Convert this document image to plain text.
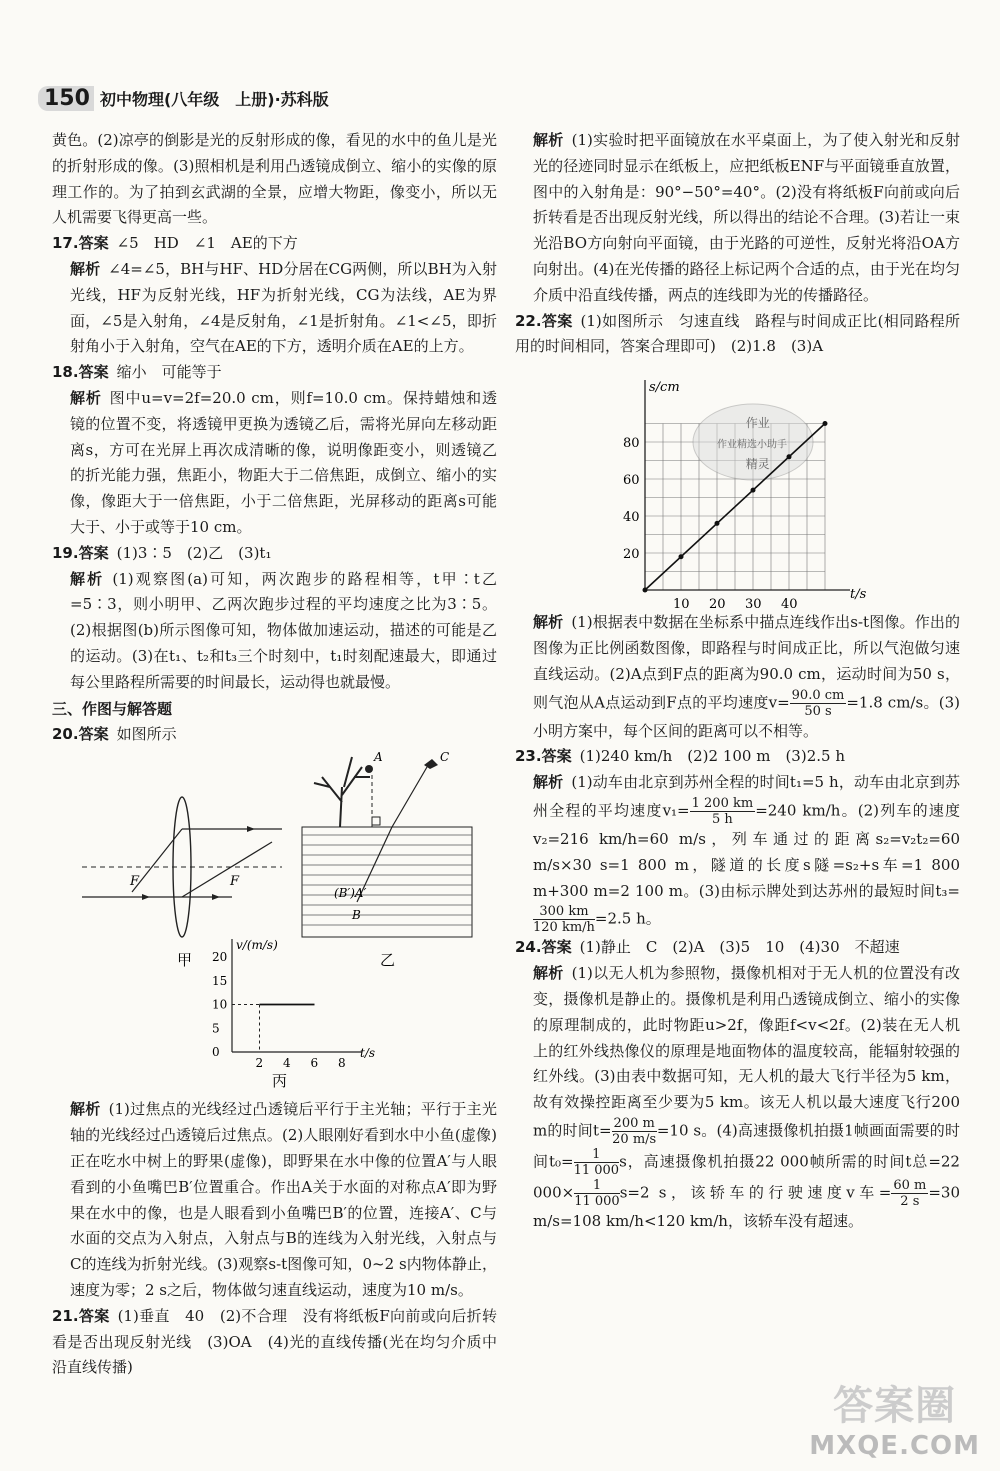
150 初中物理(八年级　上册)·苏科版

黄色。(2)凉亭的倒影是光的反射形成的像，看见的水中的鱼儿是光的折射形成的像。(3)照相机是利用凸透镜成倒立、缩小的实像的原理工作的。为了拍到玄武湖的全景，应增大物距，像变小，所以无人机需要飞得更高一些。

17.答案 ∠5　HD　∠1　AE的下方

解析 ∠4=∠5，BH与HF、HD分居在CG两侧，所以BH为入射光线，HF为反射光线，HF为折射光线，CG为法线，AE为界面，∠5是入射角，∠4是反射角，∠1是折射角。∠1<∠5，即折射角小于入射角，空气在AE的下方，透明介质在AE的上方。

18.答案 缩小　可能等于

解析 图中u=v=2f=20.0 cm，则f=10.0 cm。保持蜡烛和透镜的位置不变，将透镜甲更换为透镜乙后，需将光屏向左移动距离s，方可在光屏上再次成清晰的像，说明像距变小，则透镜乙的折光能力强，焦距小，物距大于二倍焦距，成倒立、缩小的实像，像距大于一倍焦距，小于二倍焦距，光屏移动的距离s可能大于、小于或等于10 cm。

19.答案 (1)3∶5　(2)乙　(3)t₁

解析 (1)观察图(a)可知，两次跑步的路程相等，t甲∶t乙=5∶3，则小明甲、乙两次跑步过程的平均速度之比为3∶5。(2)根据图(b)所示图像可知，物体做加速运动，描述的可能是乙的运动。(3)在t₁、t₂和t₃三个时刻中，t₁时刻配速最大，即通过每公里路程所需要的时间最长，运动得也就最慢。

三、作图与解答题

20.答案 如图所示

F	F
甲
A	C
(B′)A′
B
乙
t/s
v/(m/s)
2 4 6 8
0
5
10
15
20
丙

解析 (1)过焦点的光线经过凸透镜后平行于主光轴；平行于主光轴的光线经过凸透镜后过焦点。(2)人眼刚好看到水中小鱼(虚像)正在吃水中树上的野果(虚像)，即野果在水中像的位置A′与人眼看到的小鱼嘴巴B′位置重合。作出A关于水面的对称点A′即为野果在水中的像，也是人眼看到小鱼嘴巴B′的位置，连接A′、C与水面的交点为入射点，入射点与B的连线为入射光线，入射点与C的连线为折射光线。(3)观察s-t图像可知，0~2 s内物体静止，速度为零；2 s之后，物体做匀速直线运动，速度为10 m/s。

21.答案 (1)垂直　40　(2)不合理　没有将纸板F向前或向后折转看是否出现反射光线　(3)OA　(4)光的直线传播(光在均匀介质中沿直线传播)

解析 (1)实验时把平面镜放在水平桌面上，为了使入射光和反射光的径迹同时显示在纸板上，应把纸板ENF与平面镜垂直放置，图中的入射角是：90°−50°=40°。(2)没有将纸板F向前或向后折转看是否出现反射光线，所以得出的结论不合理。(3)若让一束光沿BO方向射向平面镜，由于光路的可逆性，反射光将沿OA方向射出。(4)在光传播的路径上标记两个合适的点，由于光在均匀介质中沿直线传播，两点的连线即为光的传播路径。

22.答案 (1)如图所示　匀速直线　路程与时间成正比(相同路程所用的时间相同，答案合理即可)　(2)1.8　(3)A

t/s
s/cm
10 20 30 40
20
40
60
80
作业
作业精选小助手
精灵

解析 (1)根据表中数据在坐标系中描点连线作出s-t图像。作出的图像为正比例函数图像，即路程与时间成正比，所以气泡做匀速直线运动。(2)A点到F点的距离为90.0 cm，运动时间为50 s，则气泡从A点运动到F点的平均速度$v= \frac{90.0 cm}{50 s} =1.8$ cm/s。(3)小明方案中，每个区间的距离可以不相等。

23.答案 (1)240 km/h　(2)2 100 m　(3)2.5 h

解析 (1)动车由北京到苏州全程的时间t₁=5 h，动车由北京到苏州全程的平均速度$v_1= \frac{1 200 km}{5 h} =240$ km/h。(2)列车的速度v₂=216 km/h=60 m/s，列车通过的距离s₂=v₂t₂=60 m/s×30 s=1 800 m，隧道的长度s隧=s₂+s车=1 800 m+300 m=2 100 m。(3)由标示牌处到达苏州的最短时间t₃=
$\frac{300 km}{120 km/h} =2.5$ h。

24.答案 (1)静止　C　(2)A　(3)5　10　(4)30　不超速

解析 (1)以无人机为参照物，摄像机相对于无人机的位置没有改变，摄像机是静止的。摄像机是利用凸透镜成倒立、缩小的实像的原理制成的，此时物距u>2f，像距f<v<2f。(2)装在无人机上的红外线热像仪的原理是地面物体的温度较高，能辐射较强的红外线。(3)由表中数据可知，无人机的最大飞行半径为5 km，故有效操控距离至少要为5 km。该无人机以最大速度飞行200 m的时间$t= \frac{200 m}{20 m/s} =10$ s。(4)高速摄像机拍摄1帧画面需要的时间$t_0= \frac{1}{11 000}$ s，高速摄像机拍摄22 000帧所需的时间t总=22 $000\times \frac{1}{11 000} s=2$ s，该轿车的行驶速度v车= $\frac{60 m}{2 s} =30$ m/s=108 km/h<120 km/h，该轿车没有超速。

答案圈
MXQE.COM
